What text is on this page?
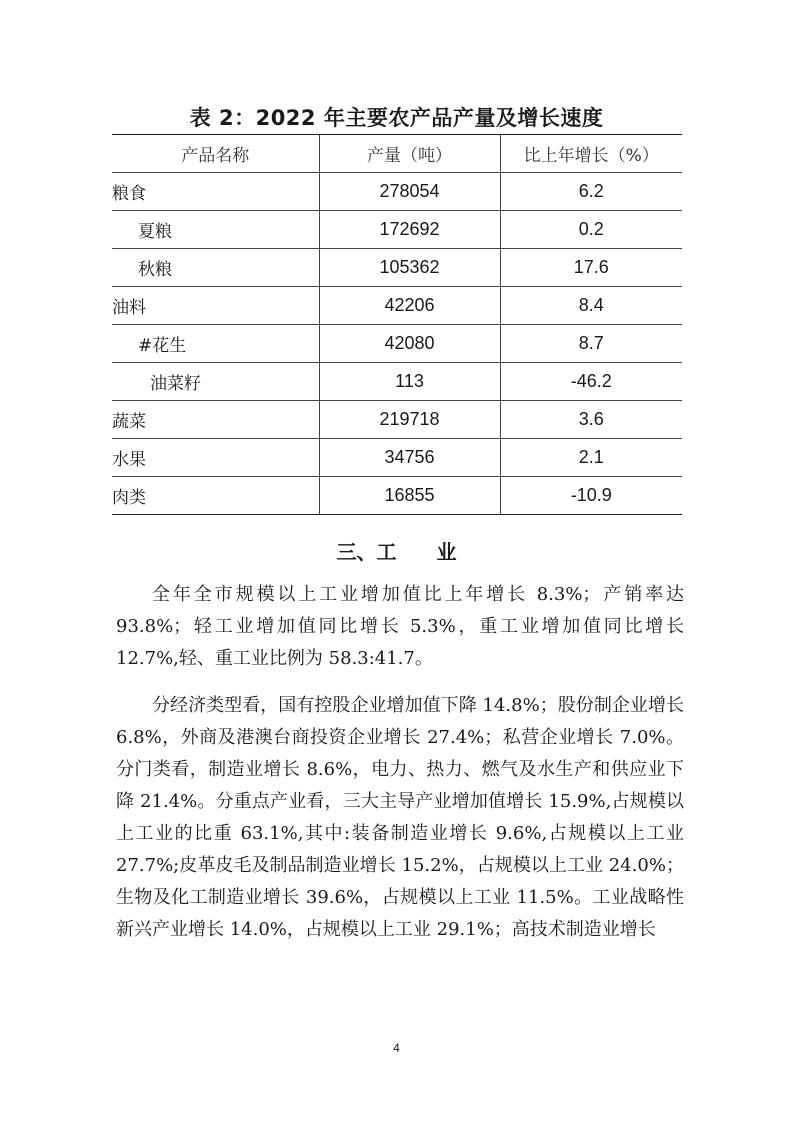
表 2：2022 年主要农产品产量及增长速度
产品名称	产量（吨）	比上年增长（%）
粮食	278054	6.2
夏粮	172692	0.2
秋粮	105362	17.6
油料	42206	8.4
#花生	42080	8.7
油菜籽	113	-46.2
蔬菜	219718	3.6
水果	34756	2.1
肉类	16855	-10.9
三、工　　业

全年全市规模以上工业增加值比上年增长 8.3%；产销率达 93.8%；轻工业增加值同比增长 5.3%，重工业增加值同比增长 12.7%,轻、重工业比例为 58.3:41.7。

分经济类型看，国有控股企业增加值下降 14.8%；股份制企业增长 6.8%，外商及港澳台商投资企业增长 27.4%；私营企业增长 7.0%。分门类看，制造业增长 8.6%，电力、热力、燃气及水生产和供应业下降 21.4%。分重点产业看，三大主导产业增加值增长 15.9%,占规模以上工业的比重 63.1%,其中:装备制造业增长 9.6%,占规模以上工业 27.7%;皮革皮毛及制品制造业增长 15.2%，占规模以上工业 24.0%；生物及化工制造业增长 39.6%，占规模以上工业 11.5%。工业战略性新兴产业增长 14.0%，占规模以上工业 29.1%；高技术制造业增长

4
